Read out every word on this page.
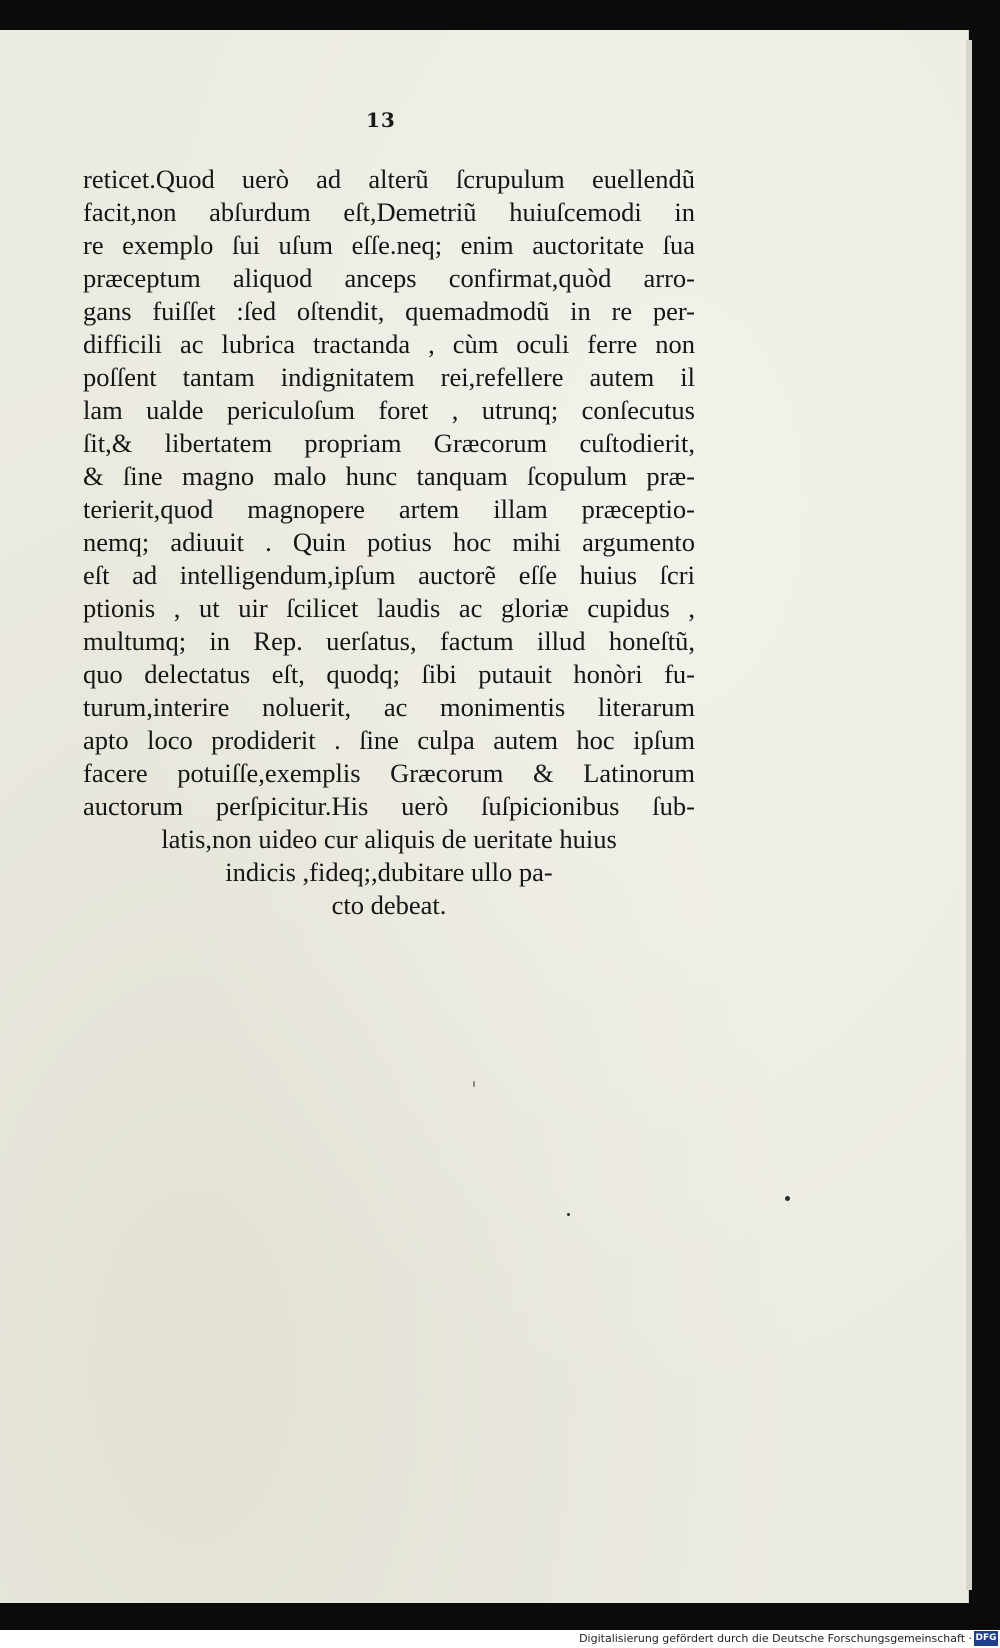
13
reticet.Quod uerò ad alterũ ſcrupulum euellendũ
facit,non abſurdum eſt,Demetriũ huiuſcemodi in
re exemplo ſui uſum eſſe.neq; enim auctoritate ſua
præceptum aliquod anceps confirmat,quòd arro-
gans fuiſſet :ſed oſtendit, quemadmodũ in re per-
difficili ac lubrica tractanda , cùm oculi ferre non
poſſent tantam indignitatem rei,refellere autem il
lam ualde periculoſum foret , utrunq; conſecutus
ſit,& libertatem propriam Græcorum cuſtodierit,
& ſine magno malo hunc tanquam ſcopulum præ-
terierit,quod magnopere artem illam præceptio-
nemq; adiuuit . Quin potius hoc mihi argumento
eſt ad intelligendum,ipſum auctorẽ eſſe huius ſcri
ptionis , ut uir ſcilicet laudis ac gloriæ cupidus ,
multumq; in Rep. uerſatus, factum illud honeſtũ,
quo delectatus eſt, quodq; ſibi putauit honòri fu-
turum,interire noluerit, ac monimentis literarum
apto loco prodiderit . ſine culpa autem hoc ipſum
facere potuiſſe,exemplis Græcorum & Latinorum
auctorum perſpicitur.His uerò ſuſpicionibus ſub-
latis,non uideo cur aliquis de ueritate huius
indicis ,fideq;,dubitare ullo pa-
cto debeat.
Digitalisierung gefördert durch die Deutsche Forschungsgemeinschaft · DFG
